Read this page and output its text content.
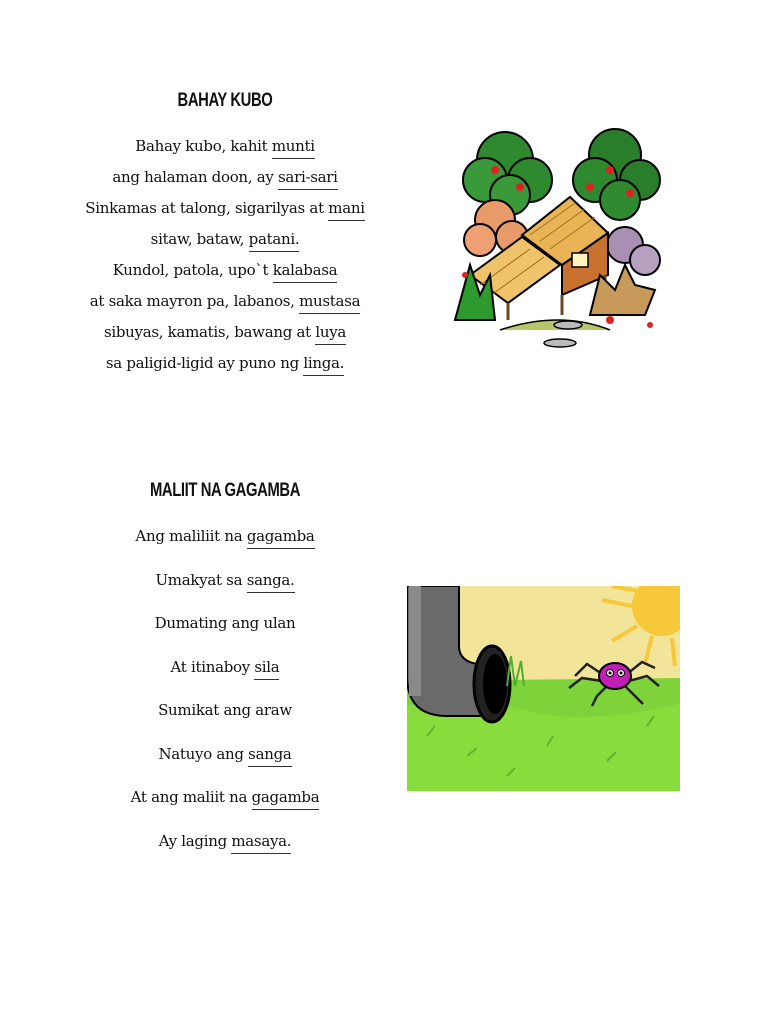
BAHAY KUBO
Bahay kubo, kahit munti
ang halaman doon, ay sari-sari
Sinkamas at talong, sigarilyas at mani
sitaw, bataw, patani.
Kundol, patola, upo`t kalabasa
at saka mayron pa, labanos, mustasa
sibuyas, kamatis, bawang at luya
sa paligid-ligid ay puno ng linga.
MALIIT NA GAGAMBA
Ang maliliit na gagamba
Umakyat sa sanga.
Dumating ang ulan
At itinaboy sila
Sumikat ang araw
Natuyo ang sanga
At ang maliit na gagamba
Ay laging masaya.
